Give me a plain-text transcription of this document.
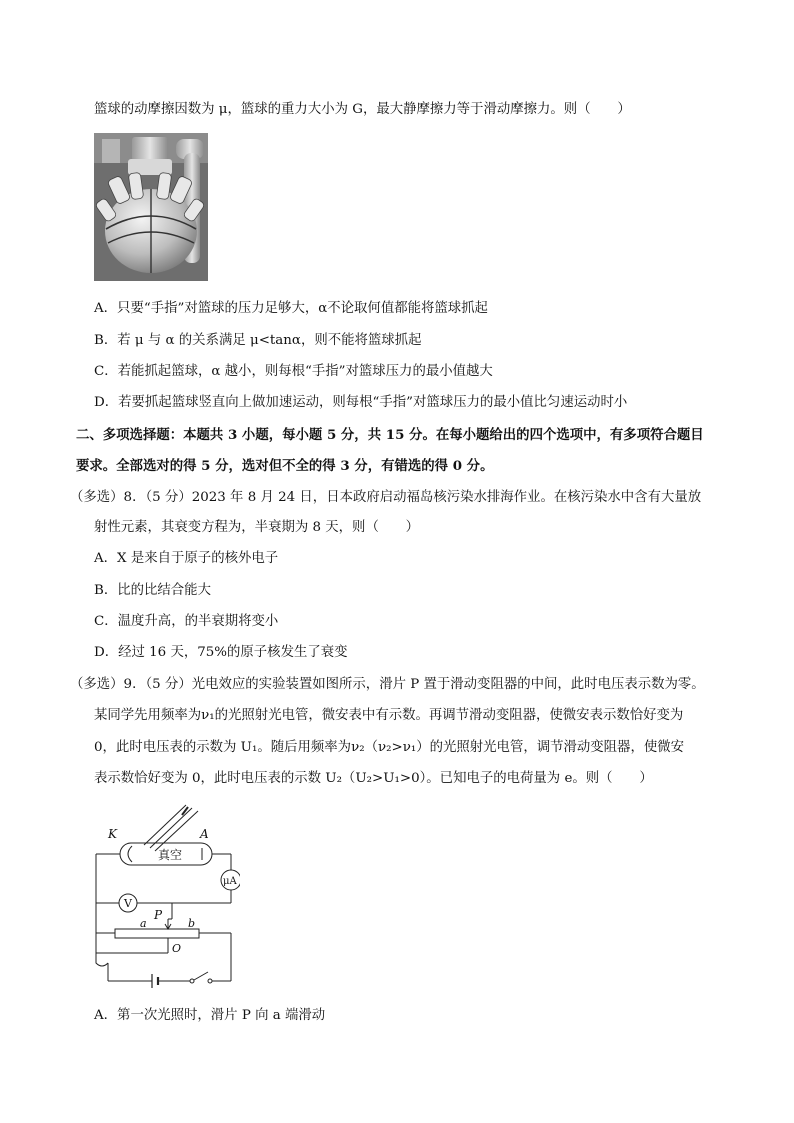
篮球的动摩擦因数为 μ，篮球的重力大小为 G，最大静摩擦力等于滑动摩擦力。则（　　）
A．只要“手指”对篮球的压力足够大，α不论取何值都能将篮球抓起
B．若 μ 与 α 的关系满足 μ<tanα，则不能将篮球抓起
C．若能抓起篮球，α 越小，则每根“手指”对篮球压力的最小值越大
D．若要抓起篮球竖直向上做加速运动，则每根“手指”对篮球压力的最小值比匀速运动时小
二、多项选择题：本题共 3 小题，每小题 5 分，共 15 分。在每小题给出的四个选项中，有多项符合题目
要求。全部选对的得 5 分，选对但不全的得 3 分，有错选的得 0 分。
（多选）8．（5 分）2023 年 8 月 24 日，日本政府启动福岛核污染水排海作业。在核污染水中含有大量放
射性元素，其衰变方程为，半衰期为 8 天，则（　　）
A．X 是来自于原子的核外电子
B．比的比结合能大
C．温度升高，的半衰期将变小
D．经过 16 天，75%的原子核发生了衰变
（多选）9．（5 分）光电效应的实验装置如图所示，滑片 P 置于滑动变阻器的中间，此时电压表示数为零。
某同学先用频率为ν₁的光照射光电管，微安表中有示数。再调节滑动变阻器，使微安表示数恰好变为
0，此时电压表的示数为 U₁。随后用频率为ν₂（ν₂>ν₁）的光照射光电管，调节滑动变阻器，使微安
表示数恰好变为 0，此时电压表的示数 U₂（U₂>U₁>0）。已知电子的电荷量为 e。则（　　）
K	A
真空
μA
V
P
a	b
O
A．第一次光照时，滑片 P 向 a 端滑动
